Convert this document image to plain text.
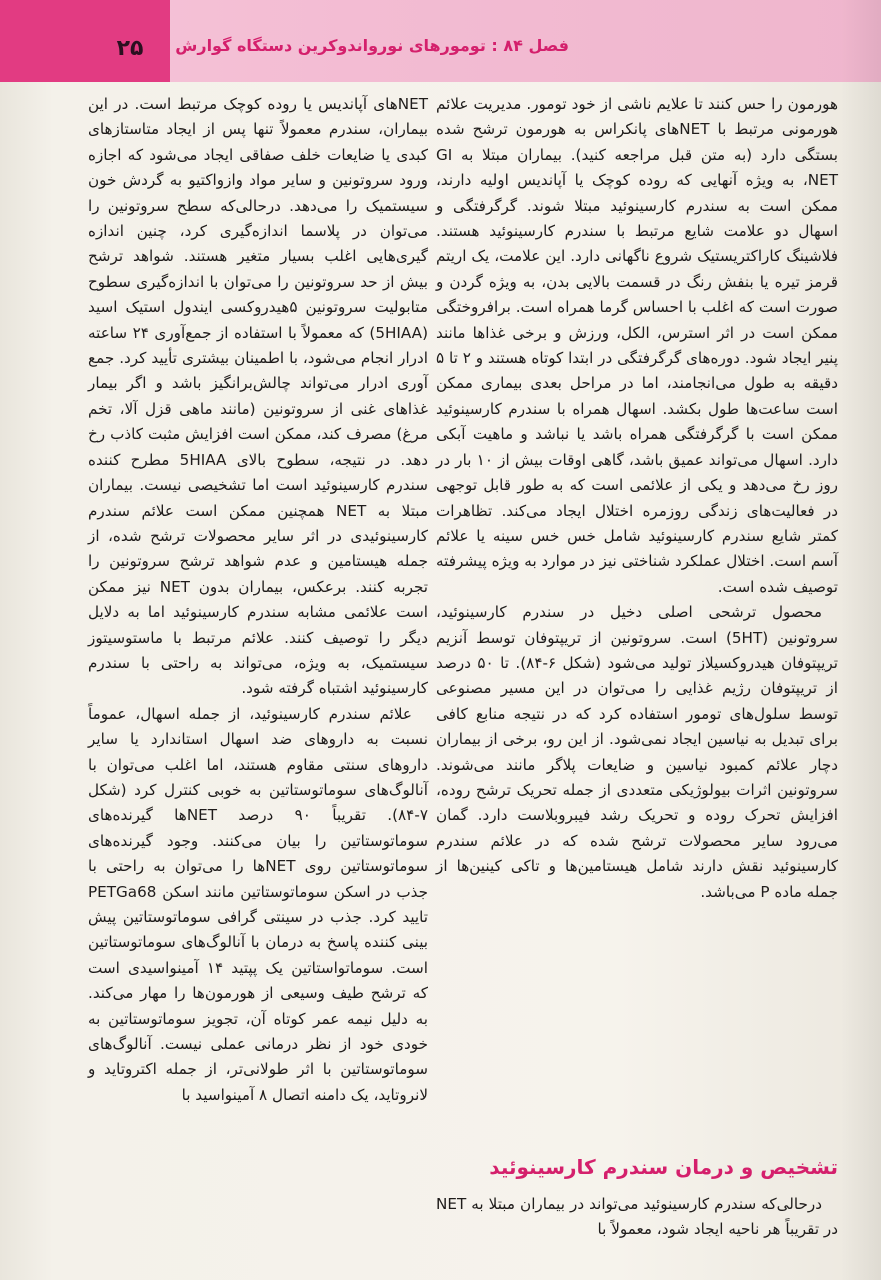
۲۵	فصل ۸۴ : تومورهای نورواندوکرین دستگاه گوارش

هورمون را حس کنند تا علایم ناشی از خود تومور. مدیریت علائم هورمونی مرتبط با NETهای پانکراس به هورمون ترشح شده بستگی دارد (به متن قبل مراجعه کنید). بیماران مبتلا به GI NET، به ویژه آنهایی که روده کوچک یا آپاندیس اولیه دارند، ممکن است به سندرم کارسینوئید مبتلا شوند. گرگرفتگی و اسهال دو علامت شایع مرتبط با سندرم کارسینوئید هستند. فلاشینگ کاراکتریستیک شروع ناگهانی دارد. این علامت، یک اریتم قرمز تیره یا بنفش رنگ در قسمت بالایی بدن، به ویژه گردن و صورت است که اغلب با احساس گرما همراه است. برافروختگی ممکن است در اثر استرس، الکل، ورزش و برخی غذاها مانند پنیر ایجاد شود. دوره‌های گرگرفتگی در ابتدا کوتاه هستند و ۲ تا ۵ دقیقه به طول می‌انجامند، اما در مراحل بعدی بیماری ممکن است ساعت‌ها طول بکشد. اسهال همراه با سندرم کارسینوئید ممکن است با گرگرفتگی همراه باشد یا نباشد و ماهیت آبکی دارد. اسهال می‌تواند عمیق باشد، گاهی اوقات بیش از ۱۰ بار در روز رخ می‌دهد و یکی از علائمی است که به طور قابل توجهی در فعالیت‌های زندگی روزمره اختلال ایجاد می‌کند. تظاهرات کمتر شایع سندرم کارسینوئید شامل خس خس سینه یا علائم آسم است. اختلال عملکرد شناختی نیز در موارد به ویژه پیشرفته توصیف شده است.

محصول ترشحی اصلی دخیل در سندرم کارسینوئید، سروتونین (5HT) است. سروتونین از تریپتوفان توسط آنزیم تریپتوفان هیدروکسیلاز تولید می‌شود (شکل ۶-۸۴). تا ۵۰ درصد از تریپتوفان رژیم غذایی را می‌توان در این مسیر مصنوعی توسط سلول‌های تومور استفاده کرد که در نتیجه منابع کافی برای تبدیل به نیاسین ایجاد نمی‌شود. از این رو، برخی از بیماران دچار علائم کمبود نیاسین و ضایعات پلاگر مانند می‌شوند. سروتونین اثرات بیولوژیکی متعددی از جمله تحریک ترشح روده، افزایش تحرک روده و تحریک رشد فیبروبلاست دارد. گمان می‌رود سایر محصولات ترشح شده که در علائم سندرم کارسینوئید نقش دارند شامل هیستامین‌ها و تاکی کینین‌ها از جمله ماده P می‌باشد.

NETهای آپاندیس یا روده کوچک مرتبط است. در این بیماران، سندرم معمولاً تنها پس از ایجاد متاستازهای کبدی یا ضایعات خلف صفاقی ایجاد می‌شود که اجازه ورود سروتونین و سایر مواد وازواکتیو به گردش خون سیستمیک را می‌دهد. درحالی‌که سطح سروتونین را می‌توان در پلاسما اندازه‌گیری کرد، چنین اندازه گیری‌هایی اغلب بسیار متغیر هستند. شواهد ترشح بیش از حد سروتونین را می‌توان با اندازه‌گیری سطوح متابولیت سروتونین ۵هیدروکسی ایندول استیک اسید (5HIAA) که معمولاً با استفاده از جمع‌آوری ۲۴ ساعته ادرار انجام می‌شود، با اطمینان بیشتری تأیید کرد. جمع آوری ادرار می‌تواند چالش‌برانگیز باشد و اگر بیمار غذاهای غنی از سروتونین (مانند ماهی قزل آلا، تخم مرغ) مصرف کند، ممکن است افزایش مثبت کاذب رخ دهد. در نتیجه، سطوح بالای 5HIAA مطرح کننده سندرم کارسینوئید است اما تشخیصی نیست. بیماران مبتلا به NET همچنین ممکن است علائم سندرم کارسینوئیدی در اثر سایر محصولات ترشح شده، از جمله هیستامین و عدم شواهد ترشح سروتونین را تجربه کنند. برعکس، بیماران بدون NET نیز ممکن است علائمی مشابه سندرم کارسینوئید اما به دلایل دیگر را توصیف کنند. علائم مرتبط با ماستوسیتوز سیستمیک، به ویژه، می‌تواند به راحتی با سندرم کارسینوئید اشتباه گرفته شود.

علائم سندرم کارسینوئید، از جمله اسهال، عموماً نسبت به داروهای ضد اسهال استاندارد یا سایر داروهای سنتی مقاوم هستند، اما اغلب می‌توان با آنالوگ‌های سوماتوستاتین به خوبی کنترل کرد (شکل ۷-۸۴). تقریباً ۹۰ درصد NETها گیرنده‌های سوماتوستاتین را بیان می‌کنند. وجود گیرنده‌های سوماتوستاتین روی NETها را می‌توان به راحتی با جذب در اسکن سوماتوستاتین مانند اسکن PETGa68 تایید کرد. جذب در سینتی گرافی سوماتوستاتین پیش بینی کننده پاسخ به درمان با آنالوگ‌های سوماتوستاتین است. سوماتواستاتین یک پپتید ۱۴ آمینواسیدی است که ترشح طیف وسیعی از هورمون‌ها را مهار می‌کند. به دلیل نیمه عمر کوتاه آن، تجویز سوماتوستاتین به خودی خود از نظر درمانی عملی نیست. آنالوگ‌های سوماتوستاتین با اثر طولانی‌تر، از جمله اکتروتاید و لانروتاید، یک دامنه اتصال ۸ آمینواسید با

تشخیص و درمان سندرم کارسینوئید

درحالی‌که سندرم کارسینوئید می‌تواند در بیماران مبتلا به NET در تقریباً هر ناحیه ایجاد شود، معمولاً با
